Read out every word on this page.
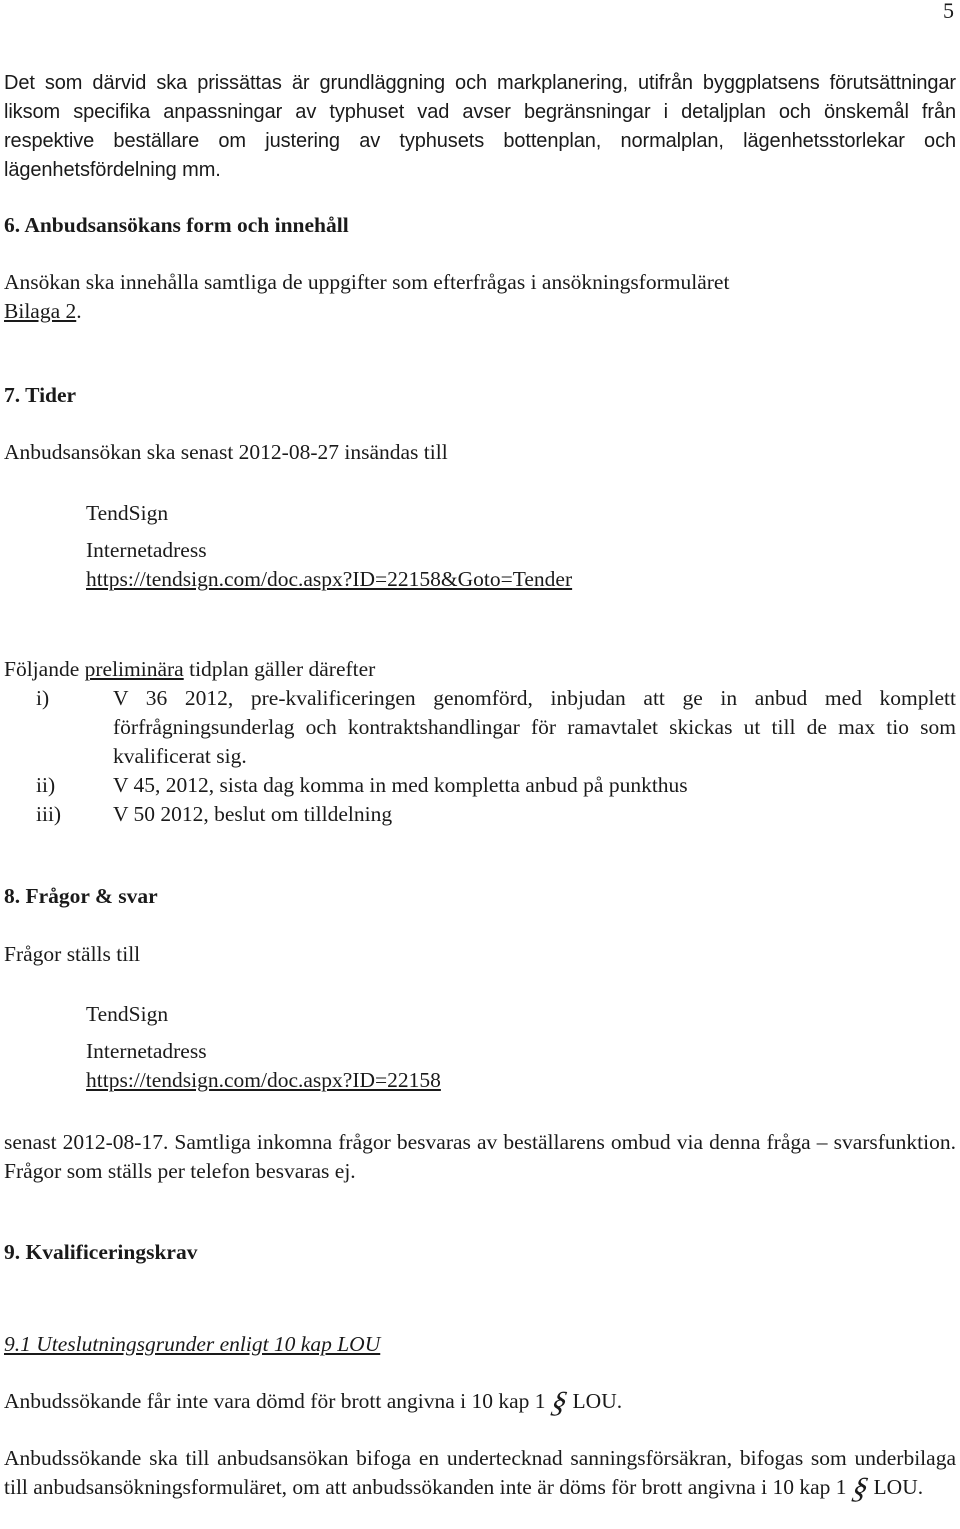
5

Det som därvid ska prissättas är grundläggning och markplanering, utifrån byggplatsens förutsättningar liksom specifika anpassningar av typhuset vad avser begränsningar i detaljplan och önskemål från respektive beställare om justering av typhusets bottenplan, normalplan, lägenhetsstorlekar och lägenhetsfördelning mm.

6. Anbudsansökans form och innehåll

Ansökan ska innehålla samtliga de uppgifter som efterfrågas i ansökningsformuläret
Bilaga 2.

7. Tider

Anbudsansökan ska senast 2012-08-27 insändas till

TendSign
Internetadress
https://tendsign.com/doc.aspx?ID=22158&Goto=Tender

Följande preliminära tidplan gäller därefter

i)	V 36 2012, pre-kvalificeringen genomförd, inbjudan att ge in anbud med komplett förfrågningsunderlag och kontraktshandlingar för ramavtalet skickas ut till de max tio som kvalificerat sig.
ii)	V 45, 2012, sista dag komma in med kompletta anbud på punkthus
iii) V 50 2012, beslut om tilldelning

8. Frågor & svar

Frågor ställs till

TendSign
Internetadress
https://tendsign.com/doc.aspx?ID=22158

senast 2012-08-17. Samtliga inkomna frågor besvaras av beställarens ombud via denna fråga – svarsfunktion. Frågor som ställs per telefon besvaras ej.

9. Kvalificeringskrav

9.1 Uteslutningsgrunder enligt 10 kap LOU

Anbudssökande får inte vara dömd för brott angivna i 10 kap 1§LOU.

Anbudssökande ska till anbudsansökan bifoga en undertecknad sanningsförsäkran, bifogas som underbilaga till anbudsansökningsformuläret, om att anbudssökanden inte är döms för brott angivna i 10 kap 1§LOU.
